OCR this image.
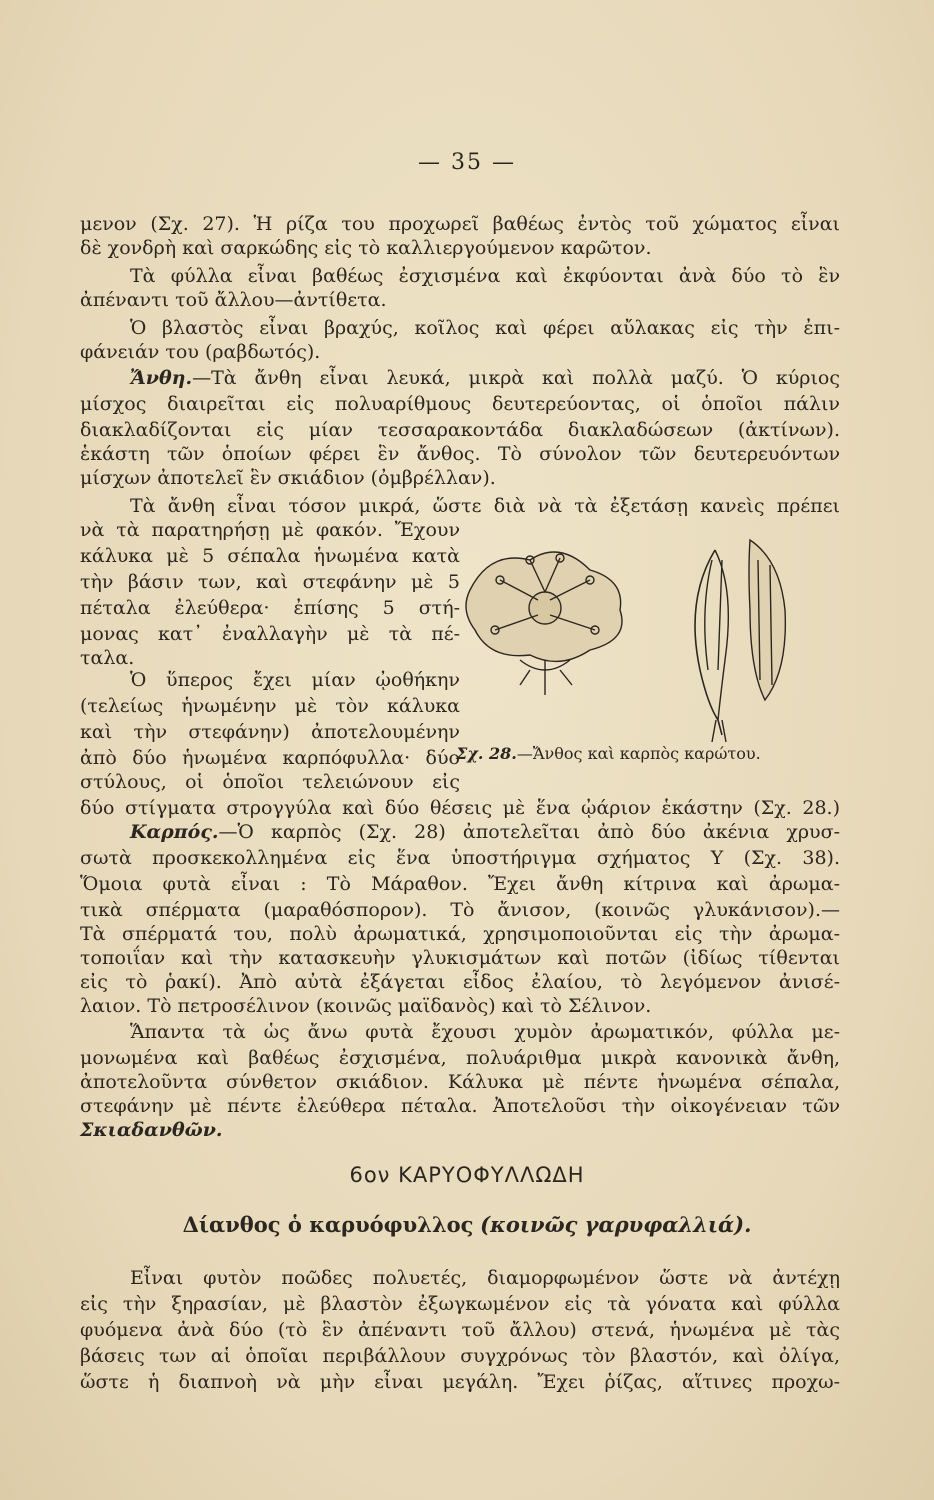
— 35 —
μενον (Σχ. 27). Ἡ ρίζα του προχωρεῖ βαθέως ἐντὸς τοῦ χώματος εἶναι
δὲ χονδρὴ καὶ σαρκώδης εἰς τὸ καλλιεργούμενον καρῶτον.
Τὰ φύλλα εἶναι βαθέως ἐσχισμένα καὶ ἐκφύονται ἀνὰ δύο τὸ ἓν
ἀπέναντι τοῦ ἄλλου—ἀντίθετα.
Ὁ βλαστὸς εἶναι βραχύς, κοῖλος καὶ φέρει αὔλακας εἰς τὴν ἐπι-
φάνειάν του (ραβδωτός).
Ἄνθη. —Τὰ ἄνθη εἶναι λευκά, μικρὰ καὶ πολλὰ μαζύ. Ὁ κύριος
μίσχος διαιρεῖται εἰς πολυαρίθμους δευτερεύοντας, οἱ ὁποῖοι πάλιν
διακλαδίζονται εἰς μίαν τεσσαρακοντάδα διακλαδώσεων (ἀκτίνων).
ἑκάστη τῶν ὁποίων φέρει ἓν ἄνθος. Τὸ σύνολον τῶν δευτερευόντων
μίσχων ἀποτελεῖ ἓν σκιάδιον (ὀμβρέλλαν).
Τὰ ἄνθη εἶναι τόσον μικρά, ὥστε διὰ νὰ τὰ ἐξετάσῃ κανεὶς πρέπει
νὰ τὰ παρατηρήσῃ μὲ φακόν. Ἔχουν
κάλυκα μὲ 5 σέπαλα ἡνωμένα κατὰ
τὴν βάσιν των, καὶ στεφάνην μὲ 5
πέταλα ἐλεύθερα· ἐπίσης 5 στή-
μονας κατ᾿ ἐναλλαγὴν μὲ τὰ πέ-
ταλα.
Ὁ ὕπερος ἔχει μίαν ᾠοθήκην
(τελείως ἡνωμένην μὲ τὸν κάλυκα
καὶ τὴν στεφάνην) ἀποτελουμένην
ἀπὸ δύο ἡνωμένα καρπόφυλλα· δύο
στύλους, οἱ ὁποῖοι τελειώνουν εἰς
Σχ. 28.—Ἄνθος καὶ καρπὸς καρώτου.
δύο στίγματα στρογγύλα καὶ δύο θέσεις μὲ ἕνα ᾠάριον ἑκάστην (Σχ. 28.)
Καρπός. —Ὁ καρπὸς (Σχ. 28) ἀποτελεῖται ἀπὸ δύο ἀκένια χρυσ-
σωτὰ προσκεκολλημένα εἰς ἕνα ὑποστήριγμα σχήματος Υ (Σχ. 38).
Ὅμοια φυτὰ εἶναι : Τὸ Μάραθον. Ἔχει ἄνθη κίτρινα καὶ ἀρωμα-
τικὰ σπέρματα (μαραθόσπορον). Τὸ ἄνισον, (κοινῶς γλυκάνισον).—
Τὰ σπέρματά του, πολὺ ἀρωματικά, χρησιμοποιοῦνται εἰς τὴν ἀρωμα-
τοποιΐαν καὶ τὴν κατασκευὴν γλυκισμάτων καὶ ποτῶν (ἰδίως τίθενται
εἰς τὸ ῥακί). Ἀπὸ αὐτὰ ἐξάγεται εἶδος ἐλαίου, τὸ λεγόμενον ἀνισέ-
λαιον. Τὸ πετροσέλινον (κοινῶς μαϊδανὸς) καὶ τὸ Σέλινον.
Ἅπαντα τὰ ὡς ἄνω φυτὰ ἔχουσι χυμὸν ἀρωματικόν, φύλλα με-
μονωμένα καὶ βαθέως ἐσχισμένα, πολυάριθμα μικρὰ κανονικὰ ἄνθη,
ἀποτελοῦντα σύνθετον σκιάδιον. Κάλυκα μὲ πέντε ἡνωμένα σέπαλα,
στεφάνην μὲ πέντε ἐλεύθερα πέταλα. Ἀποτελοῦσι τὴν οἰκογένειαν τῶν
Σκιαδανθῶν.
6ον ΚΑΡΥΟΦΥΛΛΩΔΗ
Δίανθος ὁ καρυόφυλλος (κοινῶς γαρυφαλλιά).
Εἶναι φυτὸν ποῶδες πολυετές, διαμορφωμένον ὥστε νὰ ἀντέχῃ
εἰς τὴν ξηρασίαν, μὲ βλαστὸν ἐξωγκωμένον εἰς τὰ γόνατα καὶ φύλλα
φυόμενα ἀνὰ δύο (τὸ ἓν ἀπέναντι τοῦ ἄλλου) στενά, ἡνωμένα μὲ τὰς
βάσεις των αἱ ὁποῖαι περιβάλλουν συγχρόνως τὸν βλαστόν, καὶ ὀλίγα,
ὥστε ἡ διαπνοὴ νὰ μὴν εἶναι μεγάλη. Ἔχει ῥίζας, αἵτινες προχω-
